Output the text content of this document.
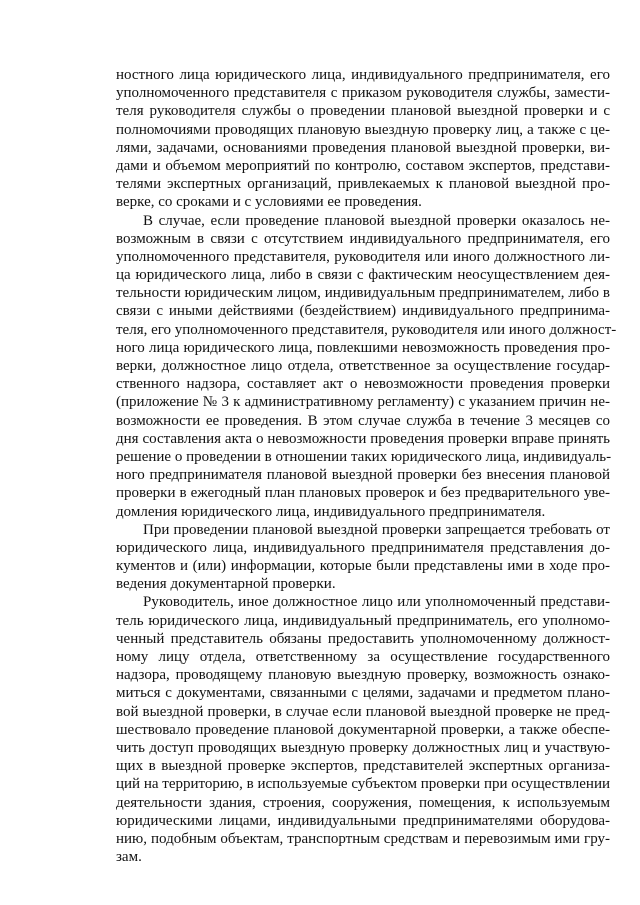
ностного лица юридического лица, индивидуального предпринимателя, его
уполномоченного представителя с приказом руководителя службы, замести-
теля руководителя службы о проведении плановой выездной проверки и с
полномочиями проводящих плановую выездную проверку лиц, а также с це-
лями, задачами, основаниями проведения плановой выездной проверки, ви-
дами и объемом мероприятий по контролю, составом экспертов, представи-
телями экспертных организаций, привлекаемых к плановой выездной про-
верке, со сроками и с условиями ее проведения.
В случае, если проведение плановой выездной проверки оказалось не-
возможным в связи с отсутствием индивидуального предпринимателя, его
уполномоченного представителя, руководителя или иного должностного ли-
ца юридического лица, либо в связи с фактическим неосуществлением дея-
тельности юридическим лицом, индивидуальным предпринимателем, либо в
связи с иными действиями (бездействием) индивидуального предпринима-
теля, его уполномоченного представителя, руководителя или иного должност-
ного лица юридического лица, повлекшими невозможность проведения про-
верки, должностное лицо отдела, ответственное за осуществление государ-
ственного надзора, составляет акт о невозможности проведения проверки
(приложение № 3 к административному регламенту) с указанием причин не-
возможности ее проведения. В этом случае служба в течение 3 месяцев со
дня составления акта о невозможности проведения проверки вправе принять
решение о проведении в отношении таких юридического лица, индивидуаль-
ного предпринимателя плановой выездной проверки без внесения плановой
проверки в ежегодный план плановых проверок и без предварительного уве-
домления юридического лица, индивидуального предпринимателя.
При проведении плановой выездной проверки запрещается требовать от
юридического лица, индивидуального предпринимателя представления до-
кументов и (или) информации, которые были представлены ими в ходе про-
ведения документарной проверки.
Руководитель, иное должностное лицо или уполномоченный представи-
тель юридического лица, индивидуальный предприниматель, его уполномо-
ченный представитель обязаны предоставить уполномоченному должност-
ному лицу отдела, ответственному за осуществление государственного
надзора, проводящему плановую выездную проверку, возможность ознако-
миться с документами, связанными с целями, задачами и предметом плано-
вой выездной проверки, в случае если плановой выездной проверке не пред-
шествовало проведение плановой документарной проверки, а также обеспе-
чить доступ проводящих выездную проверку должностных лиц и участвую-
щих в выездной проверке экспертов, представителей экспертных организа-
ций на территорию, в используемые субъектом проверки при осуществлении
деятельности здания, строения, сооружения, помещения, к используемым
юридическими лицами, индивидуальными предпринимателями оборудова-
нию, подобным объектам, транспортным средствам и перевозимым ими гру-
зам.
